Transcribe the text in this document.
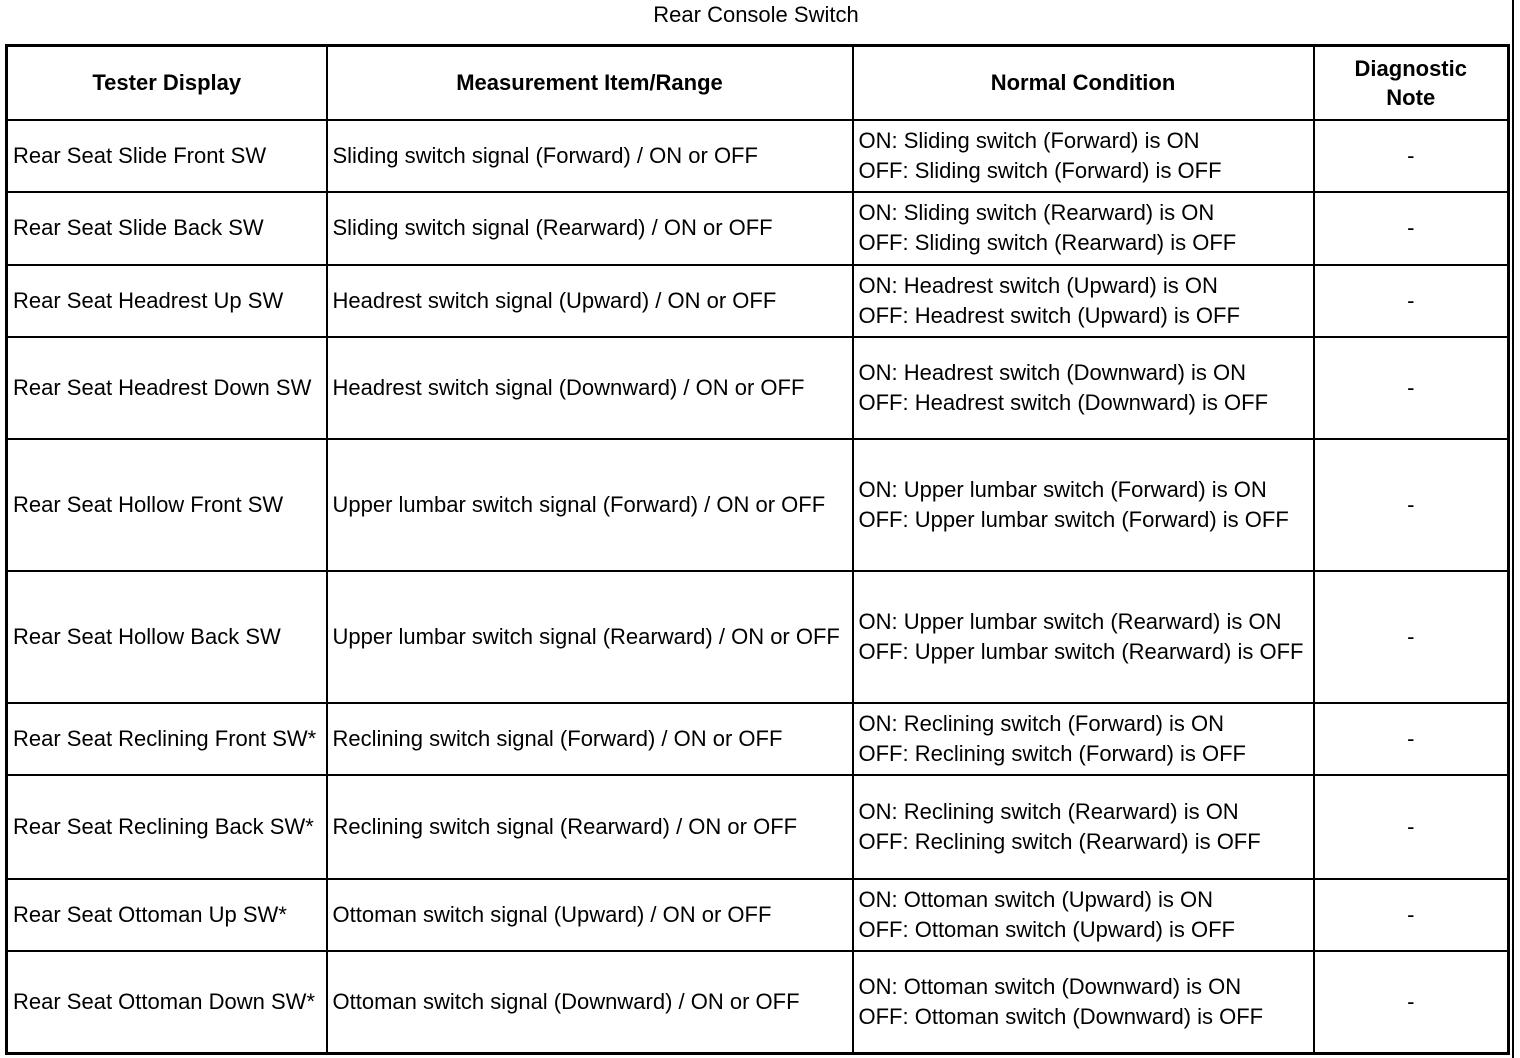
Rear Console Switch
Tester Display	Measurement Item/Range	Normal Condition	Diagnostic
Note

Rear Seat Slide Front SW	Sliding switch signal (Forward) / ON or OFF	ON: Sliding switch (Forward) is ON
OFF: Sliding switch (Forward) is OFF	-
Rear Seat Slide Back SW	Sliding switch signal (Rearward) / ON or OFF	ON: Sliding switch (Rearward) is ON
OFF: Sliding switch (Rearward) is OFF	-
Rear Seat Headrest Up SW	Headrest switch signal (Upward) / ON or OFF	ON: Headrest switch (Upward) is ON
OFF: Headrest switch (Upward) is OFF	-
Rear Seat Headrest Down SW	Headrest switch signal (Downward) / ON or OFF	ON: Headrest switch (Downward) is ON
OFF: Headrest switch (Downward) is OFF	-
Rear Seat Hollow Front SW	Upper lumbar switch signal (Forward) / ON or OFF	ON: Upper lumbar switch (Forward) is ON
OFF: Upper lumbar switch (Forward) is OFF	-
Rear Seat Hollow Back SW	Upper lumbar switch signal (Rearward) / ON or OFF	ON: Upper lumbar switch (Rearward) is ON
OFF: Upper lumbar switch (Rearward) is OFF	-
Rear Seat Reclining Front SW*	Reclining switch signal (Forward) / ON or OFF	ON: Reclining switch (Forward) is ON
OFF: Reclining switch (Forward) is OFF	-
Rear Seat Reclining Back SW*	Reclining switch signal (Rearward) / ON or OFF	ON: Reclining switch (Rearward) is ON
OFF: Reclining switch (Rearward) is OFF	-
Rear Seat Ottoman Up SW*	Ottoman switch signal (Upward) / ON or OFF	ON: Ottoman switch (Upward) is ON
OFF: Ottoman switch (Upward) is OFF	-
Rear Seat Ottoman Down SW*	Ottoman switch signal (Downward) / ON or OFF	ON: Ottoman switch (Downward) is ON
OFF: Ottoman switch (Downward) is OFF	-
